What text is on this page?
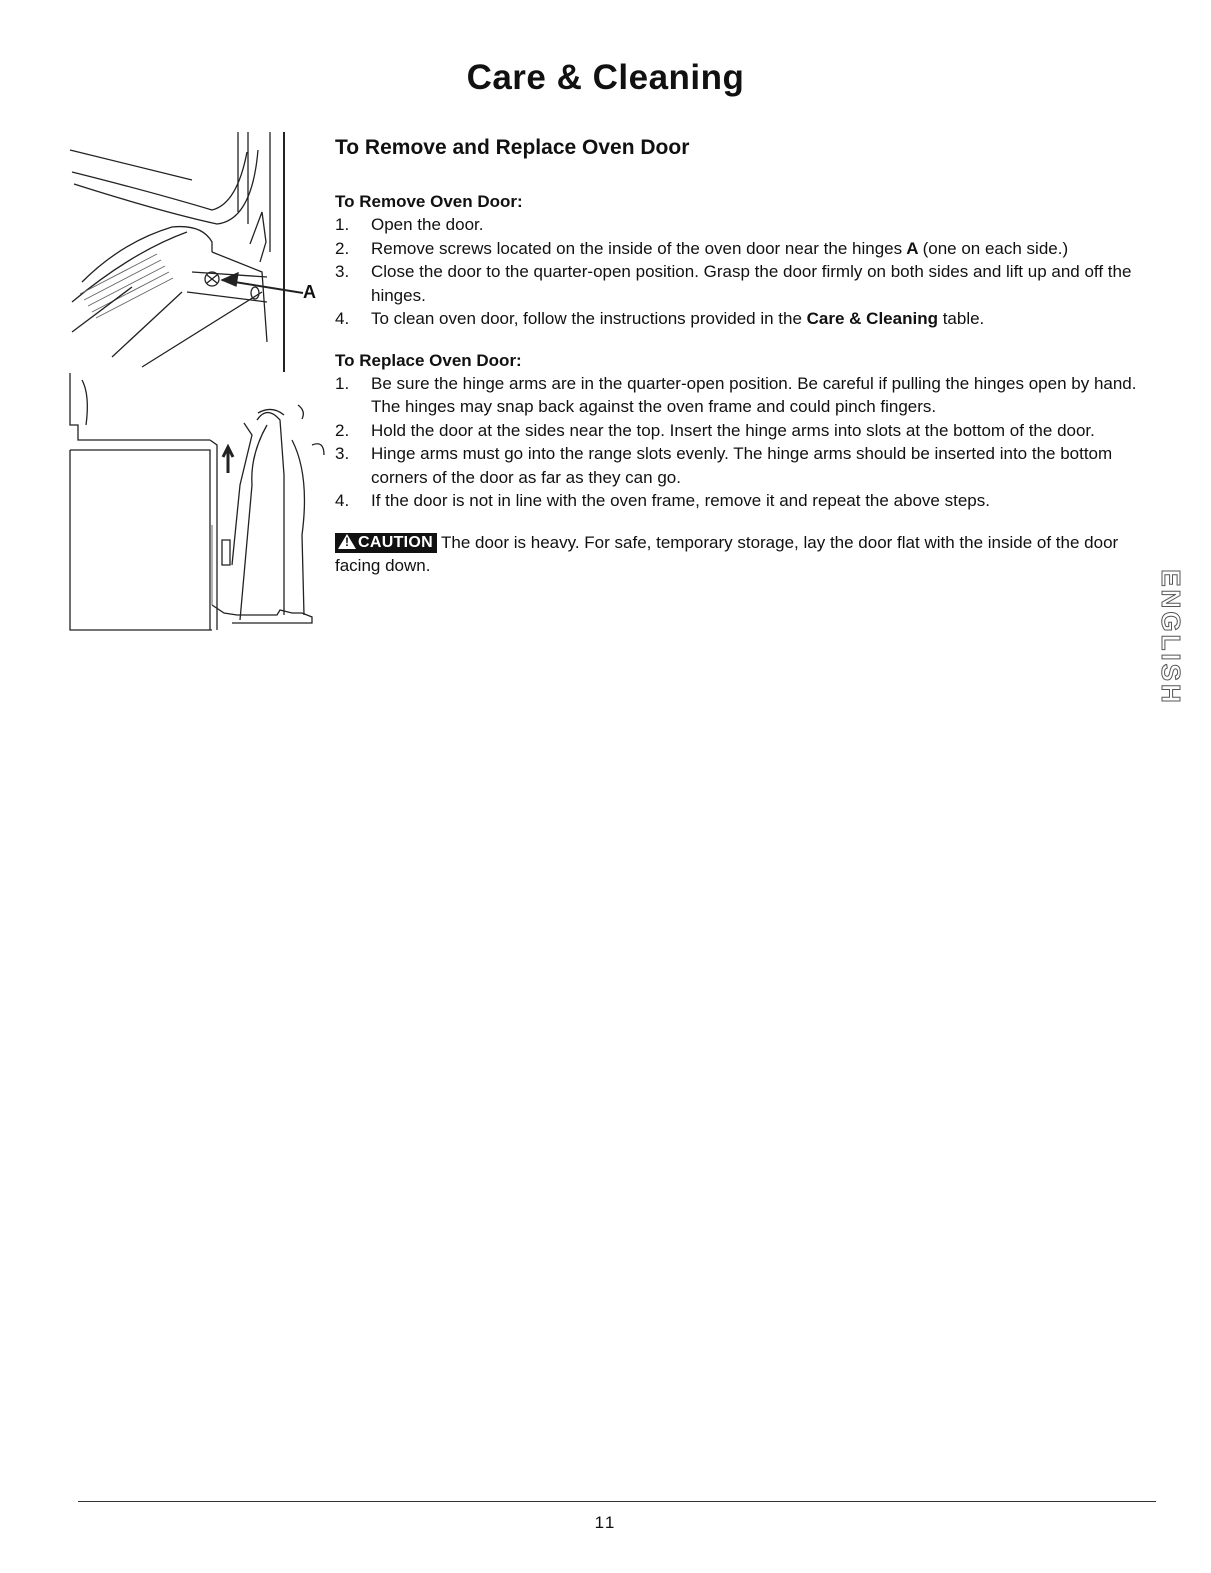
Care & Cleaning
A
To Remove and Replace Oven Door
To Remove Oven Door:
1.	Open the door.
2.	Remove screws located on the inside of the oven door near the hinges A (one on each side.)
3.	Close the door to the quarter-open position. Grasp the door firmly on both sides and lift up and off the hinges.
4.	To clean oven door, follow the instructions provided in the Care & Cleaning table.
To Replace Oven Door:
1.	Be sure the hinge arms are in the quarter-open position. Be careful if pulling the hinges open by hand. The hinges may snap back against the oven frame and could pinch fingers.
2.	Hold the door at the sides near the top. Insert the hinge arms into slots at the bottom of the door.
3.	Hinge arms must go into the range slots evenly. The hinge arms should be inserted into the bottom corners of the door as far as they can go.
4.	If the door is not in line with the oven frame, remove it and repeat the above steps.

! CAUTION The door is heavy. For safe, temporary storage, lay the door flat with the inside of the door facing down.

ENGLISH
11
